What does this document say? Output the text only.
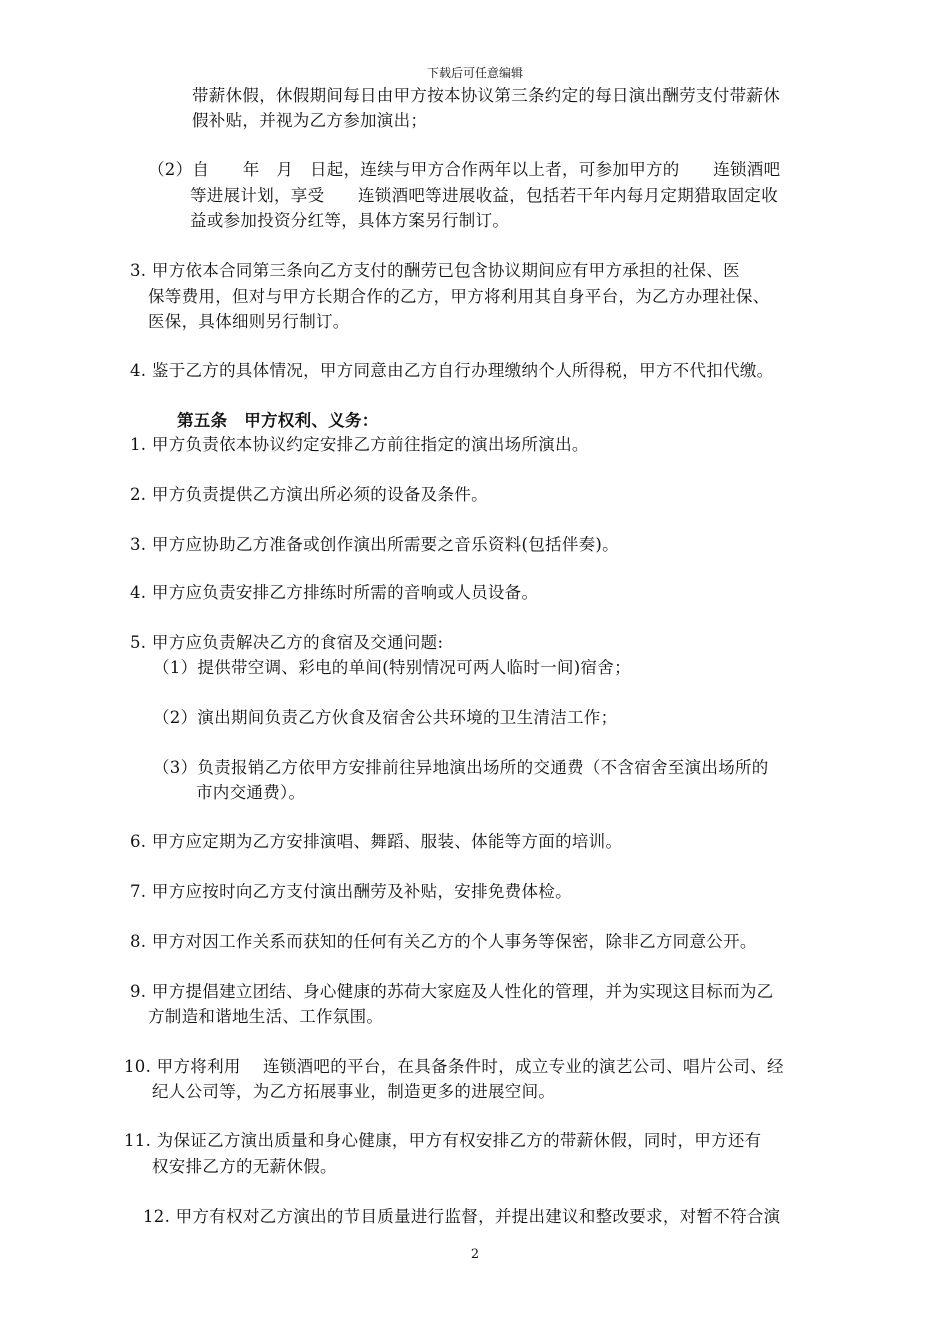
下载后可任意编辑
带薪休假，休假期间每日由甲方按本协议第三条约定的每日演出酬劳支付带薪休
假补贴，并视为乙方参加演出；
（2）自　　年　月　日起，连续与甲方合作两年以上者，可参加甲方的　　连锁酒吧
等进展计划，享受　　连锁酒吧等进展收益，包括若干年内每月定期猎取固定收
益或参加投资分红等，具体方案另行制订。
3. 甲方依本合同第三条向乙方支付的酬劳已包含协议期间应有甲方承担的社保、医
保等费用，但对与甲方长期合作的乙方，甲方将利用其自身平台，为乙方办理社保、
医保，具体细则另行制订。
4. 鉴于乙方的具体情况，甲方同意由乙方自行办理缴纳个人所得税，甲方不代扣代缴。
第五条　甲方权利、义务：
1. 甲方负责依本协议约定安排乙方前往指定的演出场所演出。
2. 甲方负责提供乙方演出所必须的设备及条件。
3. 甲方应协助乙方准备或创作演出所需要之音乐资料(包括伴奏)。
4. 甲方应负责安排乙方排练时所需的音响或人员设备。
5. 甲方应负责解决乙方的食宿及交通问题:
（1）提供带空调、彩电的单间(特别情况可两人临时一间)宿舍；
（2）演出期间负责乙方伙食及宿舍公共环境的卫生清洁工作；
（3）负责报销乙方依甲方安排前往异地演出场所的交通费（不含宿舍至演出场所的
市内交通费）。
6. 甲方应定期为乙方安排演唱、舞蹈、服装、体能等方面的培训。
7. 甲方应按时向乙方支付演出酬劳及补贴，安排免费体检。
8. 甲方对因工作关系而获知的任何有关乙方的个人事务等保密，除非乙方同意公开。
9. 甲方提倡建立团结、身心健康的苏荷大家庭及人性化的管理，并为实现这目标而为乙
方制造和谐地生活、工作氛围。
10. 甲方将利用　 连锁酒吧的平台，在具备条件时，成立专业的演艺公司、唱片公司、经
纪人公司等，为乙方拓展事业，制造更多的进展空间。
11. 为保证乙方演出质量和身心健康，甲方有权安排乙方的带薪休假，同时，甲方还有
权安排乙方的无薪休假。
12. 甲方有权对乙方演出的节目质量进行监督，并提出建议和整改要求，对暂不符合演
2
